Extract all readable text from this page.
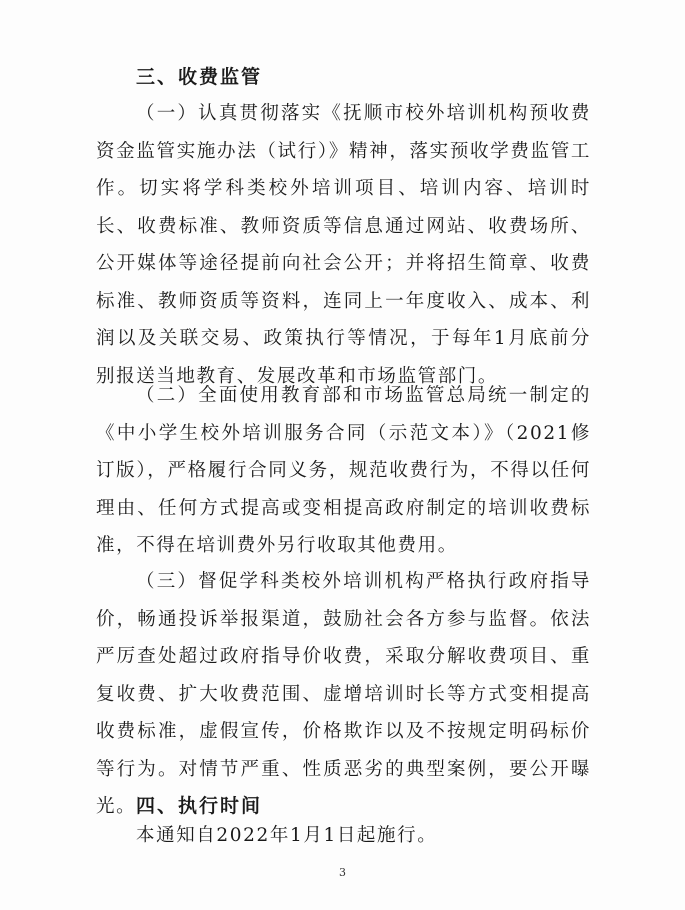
三、收费监管

（一）认真贯彻落实《抚顺市校外培训机构预收费资金监管实施办法（试行）》精神，落实预收学费监管工作。切实将学科类校外培训项目、培训内容、培训时长、收费标准、教师资质等信息通过网站、收费场所、公开媒体等途径提前向社会公开；并将招生简章、收费标准、教师资质等资料，连同上一年度收入、成本、利润以及关联交易、政策执行等情况，于每年1月底前分别报送当地教育、发展改革和市场监管部门。

（二）全面使用教育部和市场监管总局统一制定的《中小学生校外培训服务合同（示范文本）》（2021修订版），严格履行合同义务，规范收费行为，不得以任何理由、任何方式提高或变相提高政府制定的培训收费标准，不得在培训费外另行收取其他费用。

（三）督促学科类校外培训机构严格执行政府指导价，畅通投诉举报渠道，鼓励社会各方参与监督。依法严厉查处超过政府指导价收费，采取分解收费项目、重复收费、扩大收费范围、虚增培训时长等方式变相提高收费标准，虚假宣传，价格欺诈以及不按规定明码标价等行为。对情节严重、性质恶劣的典型案例，要公开曝光。 四、执行时间

本通知自2022年1月1日起施行。

3
